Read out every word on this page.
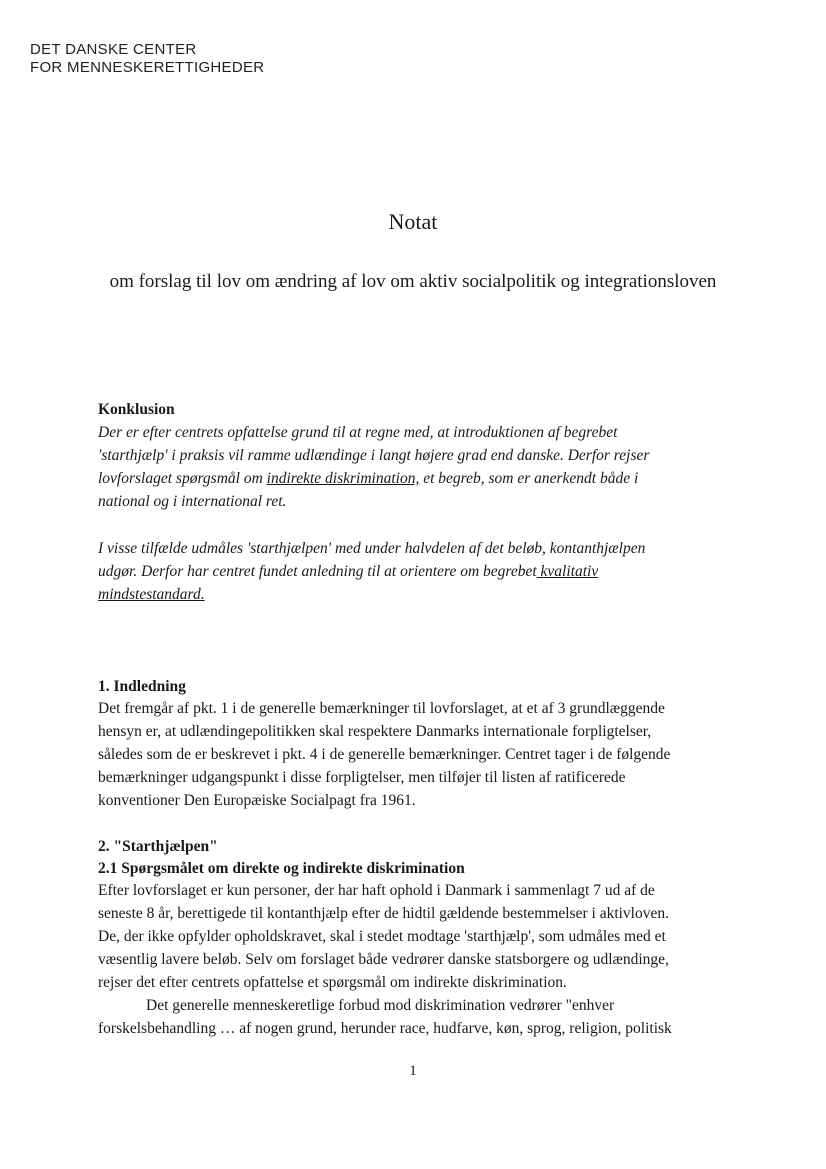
DET DANSKE CENTER
FOR MENNESKERETTIGHEDER
Notat
om forslag til lov om ændring af lov om aktiv socialpolitik og integrationsloven
Konklusion
Der er efter centrets opfattelse grund til at regne med, at introduktionen af begrebet
'starthjælp' i praksis vil ramme udlændinge i langt højere grad end danske. Derfor rejser
lovforslaget spørgsmål om indirekte diskrimination, et begreb, som er anerkendt både i
national og i international ret.
I visse tilfælde udmåles 'starthjælpen' med under halvdelen af det beløb, kontanthjælpen
udgør. Derfor har centret fundet anledning til at orientere om begrebet kvalitativ
mindstestandard.
1. Indledning
Det fremgår af pkt. 1 i de generelle bemærkninger til lovforslaget, at et af 3 grundlæggende
hensyn er, at udlændingepolitikken skal respektere Danmarks internationale forpligtelser,
således som de er beskrevet i pkt. 4 i de generelle bemærkninger. Centret tager i de følgende
bemærkninger udgangspunkt i disse forpligtelser, men tilføjer til listen af ratificerede
konventioner Den Europæiske Socialpagt fra 1961.
2. "Starthjælpen"
2.1 Spørgsmålet om direkte og indirekte diskrimination
Efter lovforslaget er kun personer, der har haft ophold i Danmark i sammenlagt 7 ud af de
seneste 8 år, berettigede til kontanthjælp efter de hidtil gældende bestemmelser i aktivloven.
De, der ikke opfylder opholdskravet, skal i stedet modtage 'starthjælp', som udmåles med et
væsentlig lavere beløb. Selv om forslaget både vedrører danske statsborgere og udlændinge,
rejser det efter centrets opfattelse et spørgsmål om indirekte diskrimination.
Det generelle menneskeretlige forbud mod diskrimination vedrører "enhver
forskelsbehandling … af nogen grund, herunder race, hudfarve, køn, sprog, religion, politisk
1
